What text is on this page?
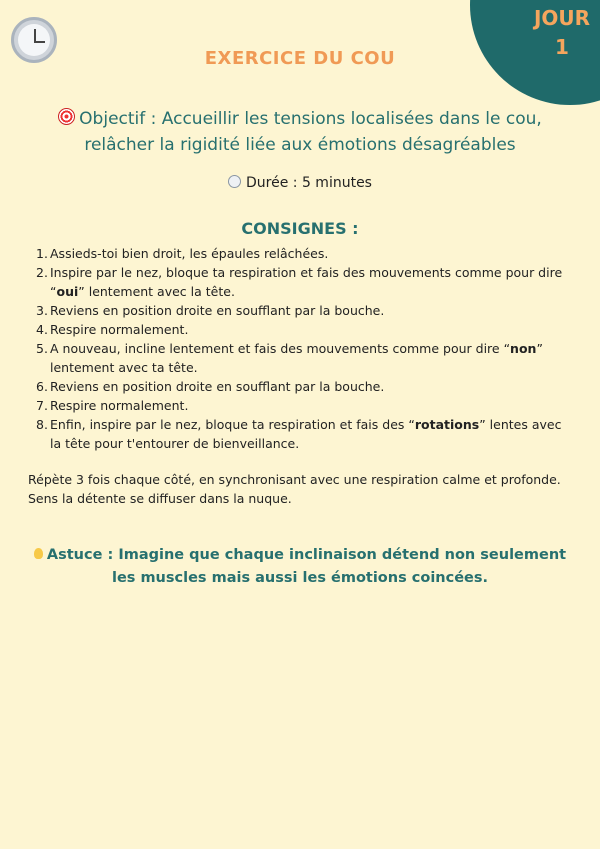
JOUR
1
EXERCICE DU COU
Objectif : Accueillir les tensions localisées dans le cou, relâcher la rigidité liée aux émotions désagréables
Durée : 5 minutes
CONSIGNES :
1. Assieds-toi bien droit, les épaules relâchées.
2. Inspire par le nez, bloque ta respiration et fais des mouvements comme pour dire “oui” lentement avec la tête.
3. Reviens en position droite en soufflant par la bouche.
4. Respire normalement.
5. A nouveau, incline lentement et fais des mouvements comme pour dire “non” lentement avec ta tête.
6. Reviens en position droite en soufflant par la bouche.
7. Respire normalement.
8. Enfin, inspire par le nez, bloque ta respiration et fais des “rotations” lentes avec la tête pour t'entourer de bienveillance.
Répète 3 fois chaque côté, en synchronisant avec une respiration calme et profonde. Sens la détente se diffuser dans la nuque.
Astuce : Imagine que chaque inclinaison détend non seulement les muscles mais aussi les émotions coincées.
